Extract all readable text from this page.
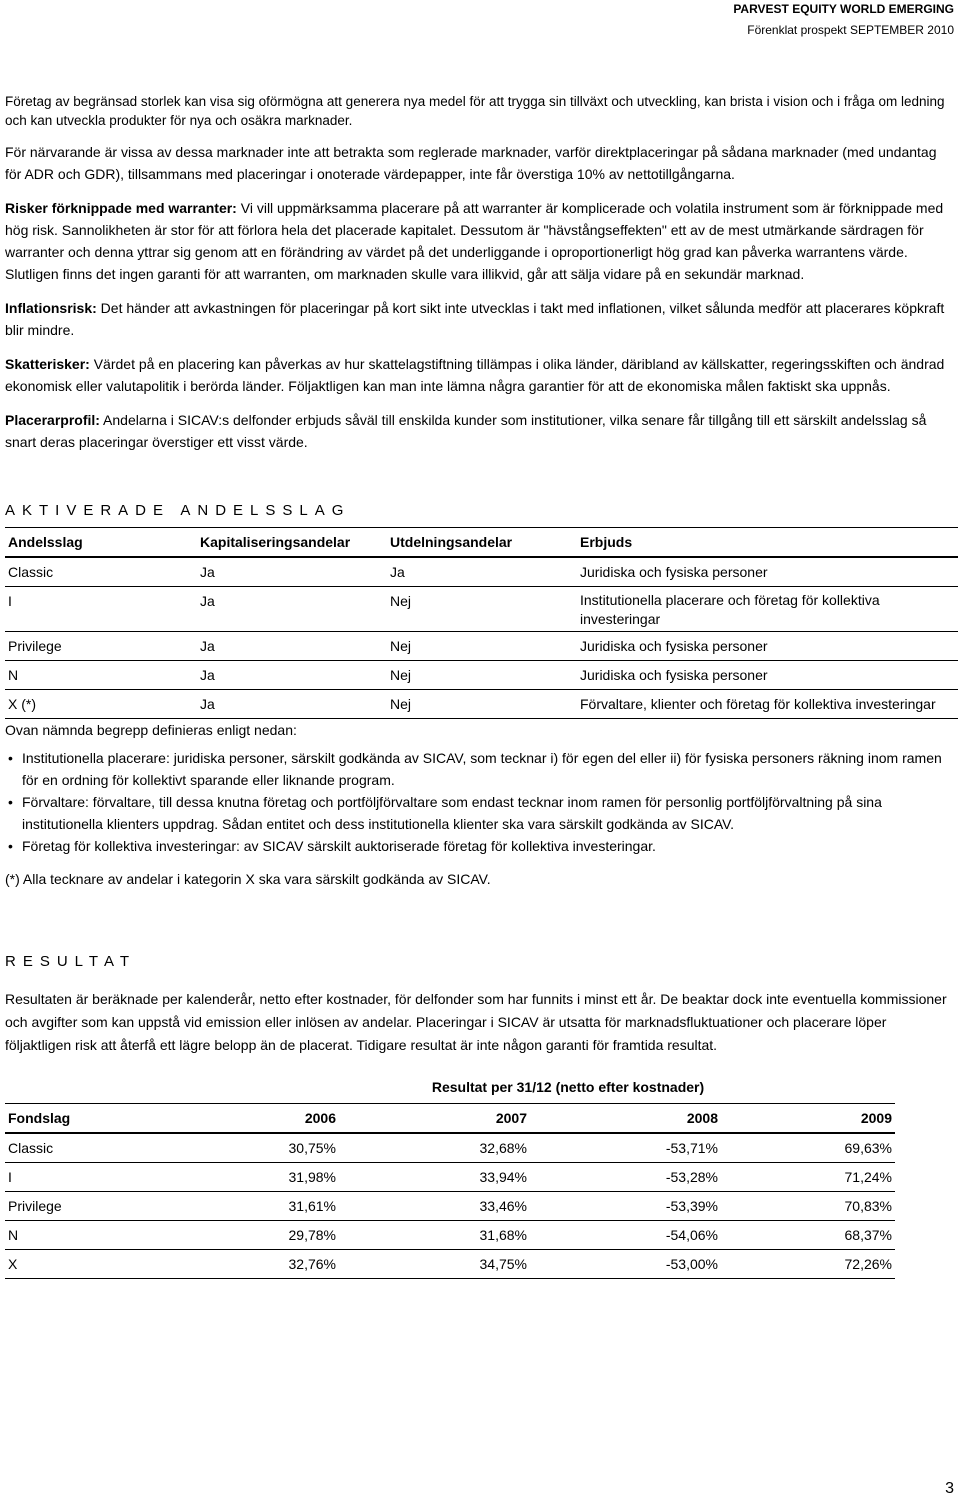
PARVEST EQUITY WORLD EMERGING
Förenklat prospekt SEPTEMBER 2010

Företag av begränsad storlek kan visa sig oförmögna att generera nya medel för att trygga sin tillväxt och utveckling, kan brista i vision och i fråga om ledning och kan utveckla produkter för nya och osäkra marknader.

För närvarande är vissa av dessa marknader inte att betrakta som reglerade marknader, varför direktplaceringar på sådana marknader (med undantag för ADR och GDR), tillsammans med placeringar i onoterade värdepapper, inte får överstiga 10% av nettotillgångarna.

Risker förknippade med warranter: Vi vill uppmärksamma placerare på att warranter är komplicerade och volatila instrument som är förknippade med hög risk. Sannolikheten är stor för att förlora hela det placerade kapitalet. Dessutom är "hävstångseffekten" ett av de mest utmärkande särdragen för warranter och denna yttrar sig genom att en förändring av värdet på det underliggande i oproportionerligt hög grad kan påverka warrantens värde. Slutligen finns det ingen garanti för att warranten, om marknaden skulle vara illikvid, går att sälja vidare på en sekundär marknad.

Inflationsrisk: Det händer att avkastningen för placeringar på kort sikt inte utvecklas i takt med inflationen, vilket sålunda medför att placerares köpkraft blir mindre.

Skatterisker: Värdet på en placering kan påverkas av hur skattelagstiftning tillämpas i olika länder, däribland av källskatter, regeringsskiften och ändrad ekonomisk eller valutapolitik i berörda länder. Följaktligen kan man inte lämna några garantier för att de ekonomiska målen faktiskt ska uppnås.

Placerarprofil: Andelarna i SICAV:s delfonder erbjuds såväl till enskilda kunder som institutioner, vilka senare får tillgång till ett särskilt andelsslag så snart deras placeringar överstiger ett visst värde.

AKTIVERADE ANDELSSLAG
Andelsslag	Kapitaliseringsandelar	Utdelningsandelar	Erbjuds
Classic	Ja	Ja	Juridiska och fysiska personer
I	Ja	Nej	Institutionella placerare och företag för kollektiva investeringar
Privilege	Ja	Nej	Juridiska och fysiska personer
N	Ja	Nej	Juridiska och fysiska personer
X (*)	Ja	Nej	Förvaltare, klienter och företag för kollektiva investeringar

Ovan nämnda begrepp definieras enligt nedan:

• Institutionella placerare: juridiska personer, särskilt godkända av SICAV, som tecknar i) för egen del eller ii) för fysiska personers räkning inom ramen för en ordning för kollektivt sparande eller liknande program.
• Förvaltare: förvaltare, till dessa knutna företag och portföljförvaltare som endast tecknar inom ramen för personlig portföljförvaltning på sina institutionella klienters uppdrag. Sådan entitet och dess institutionella klienter ska vara särskilt godkända av SICAV.
• Företag för kollektiva investeringar: av SICAV särskilt auktoriserade företag för kollektiva investeringar.

(*) Alla tecknare av andelar i kategorin X ska vara särskilt godkända av SICAV.

RESULTAT

Resultaten är beräknade per kalenderår, netto efter kostnader, för delfonder som har funnits i minst ett år. De beaktar dock inte eventuella kommissioner och avgifter som kan uppstå vid emission eller inlösen av andelar. Placeringar i SICAV är utsatta för marknadsfluktuationer och placerare löper följaktligen risk att återfå ett lägre belopp än de placerat. Tidigare resultat är inte någon garanti för framtida resultat.

	Resultat per 31/12 (netto efter kostnader)			
Fondslag	2006	2007	2008	2009
Classic	30,75%	32,68%	-53,71%	69,63%
I	31,98%	33,94%	-53,28%	71,24%
Privilege	31,61%	33,46%	-53,39%	70,83%
N	29,78%	31,68%	-54,06%	68,37%
X	32,76%	34,75%	-53,00%	72,26%
3
